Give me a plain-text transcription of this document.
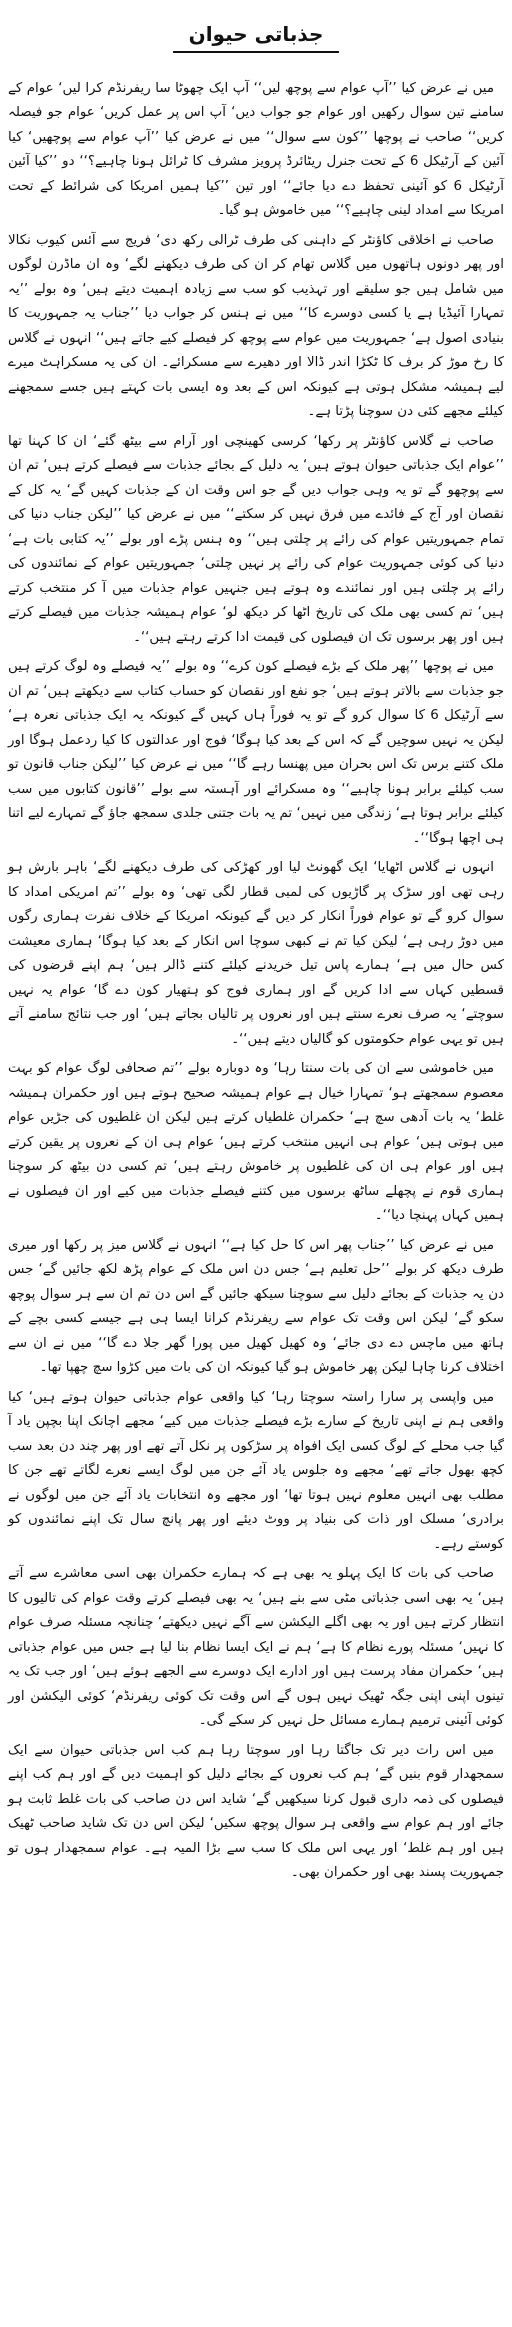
جذباتی حیوان

میں نے عرض کیا ’’آپ عوام سے پوچھ لیں‘‘ آپ ایک چھوٹا سا ریفرنڈم کرا لیں‘ عوام کے سامنے تین سوال رکھیں اور عوام جو جواب دیں‘ آپ اس پر عمل کریں‘ عوام جو فیصلہ کریں‘‘ صاحب نے پوچھا ’’کون سے سوال‘‘ میں نے عرض کیا ’’آپ عوام سے پوچھیں‘ کیا آئین کے آرٹیکل 6 کے تحت جنرل ریٹائرڈ پرویز مشرف کا ٹرائل ہونا چاہیے؟‘‘ دو ’’کیا آئین آرٹیکل 6 کو آئینی تحفظ دے دیا جائے‘‘ اور تین ’’کیا ہمیں امریکا کی شرائط کے تحت امریکا سے امداد لینی چاہیے؟‘‘ میں خاموش ہو گیا۔

صاحب نے اخلاقی کاؤنٹر کے داہنی کی طرف ٹرالی رکھ دی‘ فریج سے آئس کیوب نکالا اور پھر دونوں ہاتھوں میں گلاس تھام کر ان کی طرف دیکھنے لگے‘ وہ ان ماڈرن لوگوں میں شامل ہیں جو سلیقے اور تہذیب کو سب سے زیادہ اہمیت دیتے ہیں‘ وہ بولے ’’یہ تمہارا آئیڈیا ہے یا کسی دوسرے کا‘‘ میں نے ہنس کر جواب دیا ’’جناب یہ جمہوریت کا بنیادی اصول ہے‘ جمہوریت میں عوام سے پوچھ کر فیصلے کیے جاتے ہیں‘‘ انہوں نے گلاس کا رخ موڑ کر برف کا ٹکڑا اندر ڈالا اور دھیرے سے مسکرائے۔ ان کی یہ مسکراہٹ میرے لیے ہمیشہ مشکل ہوتی ہے کیونکہ اس کے بعد وہ ایسی بات کہتے ہیں جسے سمجھنے کیلئے مجھے کئی دن سوچنا پڑتا ہے۔

صاحب نے گلاس کاؤنٹر پر رکھا‘ کرسی کھینچی اور آرام سے بیٹھ گئے‘ ان کا کہنا تھا ’’عوام ایک جذباتی حیوان ہوتے ہیں‘ یہ دلیل کے بجائے جذبات سے فیصلے کرتے ہیں‘ تم ان سے پوچھو گے تو یہ وہی جواب دیں گے جو اس وقت ان کے جذبات کہیں گے‘ یہ کل کے نقصان اور آج کے فائدے میں فرق نہیں کر سکتے‘‘ میں نے عرض کیا ’’لیکن جناب دنیا کی تمام جمہوریتیں عوام کی رائے پر چلتی ہیں‘‘ وہ ہنس پڑے اور بولے ’’یہ کتابی بات ہے‘ دنیا کی کوئی جمہوریت عوام کی رائے پر نہیں چلتی‘ جمہوریتیں عوام کے نمائندوں کی رائے پر چلتی ہیں اور نمائندے وہ ہوتے ہیں جنہیں عوام جذبات میں آ کر منتخب کرتے ہیں‘ تم کسی بھی ملک کی تاریخ اٹھا کر دیکھ لو‘ عوام ہمیشہ جذبات میں فیصلے کرتے ہیں اور پھر برسوں تک ان فیصلوں کی قیمت ادا کرتے رہتے ہیں‘‘۔

میں نے پوچھا ’’پھر ملک کے بڑے فیصلے کون کرے‘‘ وہ بولے ’’یہ فیصلے وہ لوگ کرتے ہیں جو جذبات سے بالاتر ہوتے ہیں‘ جو نفع اور نقصان کو حساب کتاب سے دیکھتے ہیں‘ تم ان سے آرٹیکل 6 کا سوال کرو گے تو یہ فوراً ہاں کہیں گے کیونکہ یہ ایک جذباتی نعرہ ہے‘ لیکن یہ نہیں سوچیں گے کہ اس کے بعد کیا ہوگا‘ فوج اور عدالتوں کا کیا ردعمل ہوگا اور ملک کتنے برس تک اس بحران میں پھنسا رہے گا‘‘ میں نے عرض کیا ’’لیکن جناب قانون تو سب کیلئے برابر ہونا چاہیے‘‘ وہ مسکرائے اور آہستہ سے بولے ’’قانون کتابوں میں سب کیلئے برابر ہوتا ہے‘ زندگی میں نہیں‘ تم یہ بات جتنی جلدی سمجھ جاؤ گے تمہارے لیے اتنا ہی اچھا ہوگا‘‘۔

انہوں نے گلاس اٹھایا‘ ایک گھونٹ لیا اور کھڑکی کی طرف دیکھنے لگے‘ باہر بارش ہو رہی تھی اور سڑک پر گاڑیوں کی لمبی قطار لگی تھی‘ وہ بولے ’’تم امریکی امداد کا سوال کرو گے تو عوام فوراً انکار کر دیں گے کیونکہ امریکا کے خلاف نفرت ہماری رگوں میں دوڑ رہی ہے‘ لیکن کیا تم نے کبھی سوچا اس انکار کے بعد کیا ہوگا‘ ہماری معیشت کس حال میں ہے‘ ہمارے پاس تیل خریدنے کیلئے کتنے ڈالر ہیں‘ ہم اپنے قرضوں کی قسطیں کہاں سے ادا کریں گے اور ہماری فوج کو ہتھیار کون دے گا‘ عوام یہ نہیں سوچتے‘ یہ صرف نعرے سنتے ہیں اور نعروں پر تالیاں بجاتے ہیں‘ اور جب نتائج سامنے آتے ہیں تو یہی عوام حکومتوں کو گالیاں دیتے ہیں‘‘۔

میں خاموشی سے ان کی بات سنتا رہا‘ وہ دوبارہ بولے ’’تم صحافی لوگ عوام کو بہت معصوم سمجھتے ہو‘ تمہارا خیال ہے عوام ہمیشہ صحیح ہوتے ہیں اور حکمران ہمیشہ غلط‘ یہ بات آدھی سچ ہے‘ حکمران غلطیاں کرتے ہیں لیکن ان غلطیوں کی جڑیں عوام میں ہوتی ہیں‘ عوام ہی انہیں منتخب کرتے ہیں‘ عوام ہی ان کے نعروں پر یقین کرتے ہیں اور عوام ہی ان کی غلطیوں پر خاموش رہتے ہیں‘ تم کسی دن بیٹھ کر سوچنا ہماری قوم نے پچھلے ساٹھ برسوں میں کتنے فیصلے جذبات میں کیے اور ان فیصلوں نے ہمیں کہاں پہنچا دیا‘‘۔

میں نے عرض کیا ’’جناب پھر اس کا حل کیا ہے‘‘ انہوں نے گلاس میز پر رکھا اور میری طرف دیکھ کر بولے ’’حل تعلیم ہے‘ جس دن اس ملک کے عوام پڑھ لکھ جائیں گے‘ جس دن یہ جذبات کے بجائے دلیل سے سوچنا سیکھ جائیں گے اس دن تم ان سے ہر سوال پوچھ سکو گے‘ لیکن اس وقت تک عوام سے ریفرنڈم کرانا ایسا ہی ہے جیسے کسی بچے کے ہاتھ میں ماچس دے دی جائے‘ وہ کھیل کھیل میں پورا گھر جلا دے گا‘‘ میں نے ان سے اختلاف کرنا چاہا لیکن پھر خاموش ہو گیا کیونکہ ان کی بات میں کڑوا سچ چھپا تھا۔

میں واپسی پر سارا راستہ سوچتا رہا‘ کیا واقعی عوام جذباتی حیوان ہوتے ہیں‘ کیا واقعی ہم نے اپنی تاریخ کے سارے بڑے فیصلے جذبات میں کیے‘ مجھے اچانک اپنا بچپن یاد آ گیا جب محلے کے لوگ کسی ایک افواہ پر سڑکوں پر نکل آتے تھے اور پھر چند دن بعد سب کچھ بھول جاتے تھے‘ مجھے وہ جلوس یاد آئے جن میں لوگ ایسے نعرے لگاتے تھے جن کا مطلب بھی انہیں معلوم نہیں ہوتا تھا‘ اور مجھے وہ انتخابات یاد آئے جن میں لوگوں نے برادری‘ مسلک اور ذات کی بنیاد پر ووٹ دیئے اور پھر پانچ سال تک اپنے نمائندوں کو کوستے رہے۔

صاحب کی بات کا ایک پہلو یہ بھی ہے کہ ہمارے حکمران بھی اسی معاشرے سے آتے ہیں‘ یہ بھی اسی جذباتی مٹی سے بنے ہیں‘ یہ بھی فیصلے کرتے وقت عوام کی تالیوں کا انتظار کرتے ہیں اور یہ بھی اگلے الیکشن سے آگے نہیں دیکھتے‘ چنانچہ مسئلہ صرف عوام کا نہیں‘ مسئلہ پورے نظام کا ہے‘ ہم نے ایک ایسا نظام بنا لیا ہے جس میں عوام جذباتی ہیں‘ حکمران مفاد پرست ہیں اور ادارے ایک دوسرے سے الجھے ہوئے ہیں‘ اور جب تک یہ تینوں اپنی اپنی جگہ ٹھیک نہیں ہوں گے اس وقت تک کوئی ریفرنڈم‘ کوئی الیکشن اور کوئی آئینی ترمیم ہمارے مسائل حل نہیں کر سکے گی۔

میں اس رات دیر تک جاگتا رہا اور سوچتا رہا ہم کب اس جذباتی حیوان سے ایک سمجھدار قوم بنیں گے‘ ہم کب نعروں کے بجائے دلیل کو اہمیت دیں گے اور ہم کب اپنے فیصلوں کی ذمہ داری قبول کرنا سیکھیں گے‘ شاید اس دن صاحب کی بات غلط ثابت ہو جائے اور ہم عوام سے واقعی ہر سوال پوچھ سکیں‘ لیکن اس دن تک شاید صاحب ٹھیک ہیں اور ہم غلط‘ اور یہی اس ملک کا سب سے بڑا المیہ ہے۔ عوام سمجھدار ہوں تو جمہوریت پسند بھی اور حکمران بھی۔
